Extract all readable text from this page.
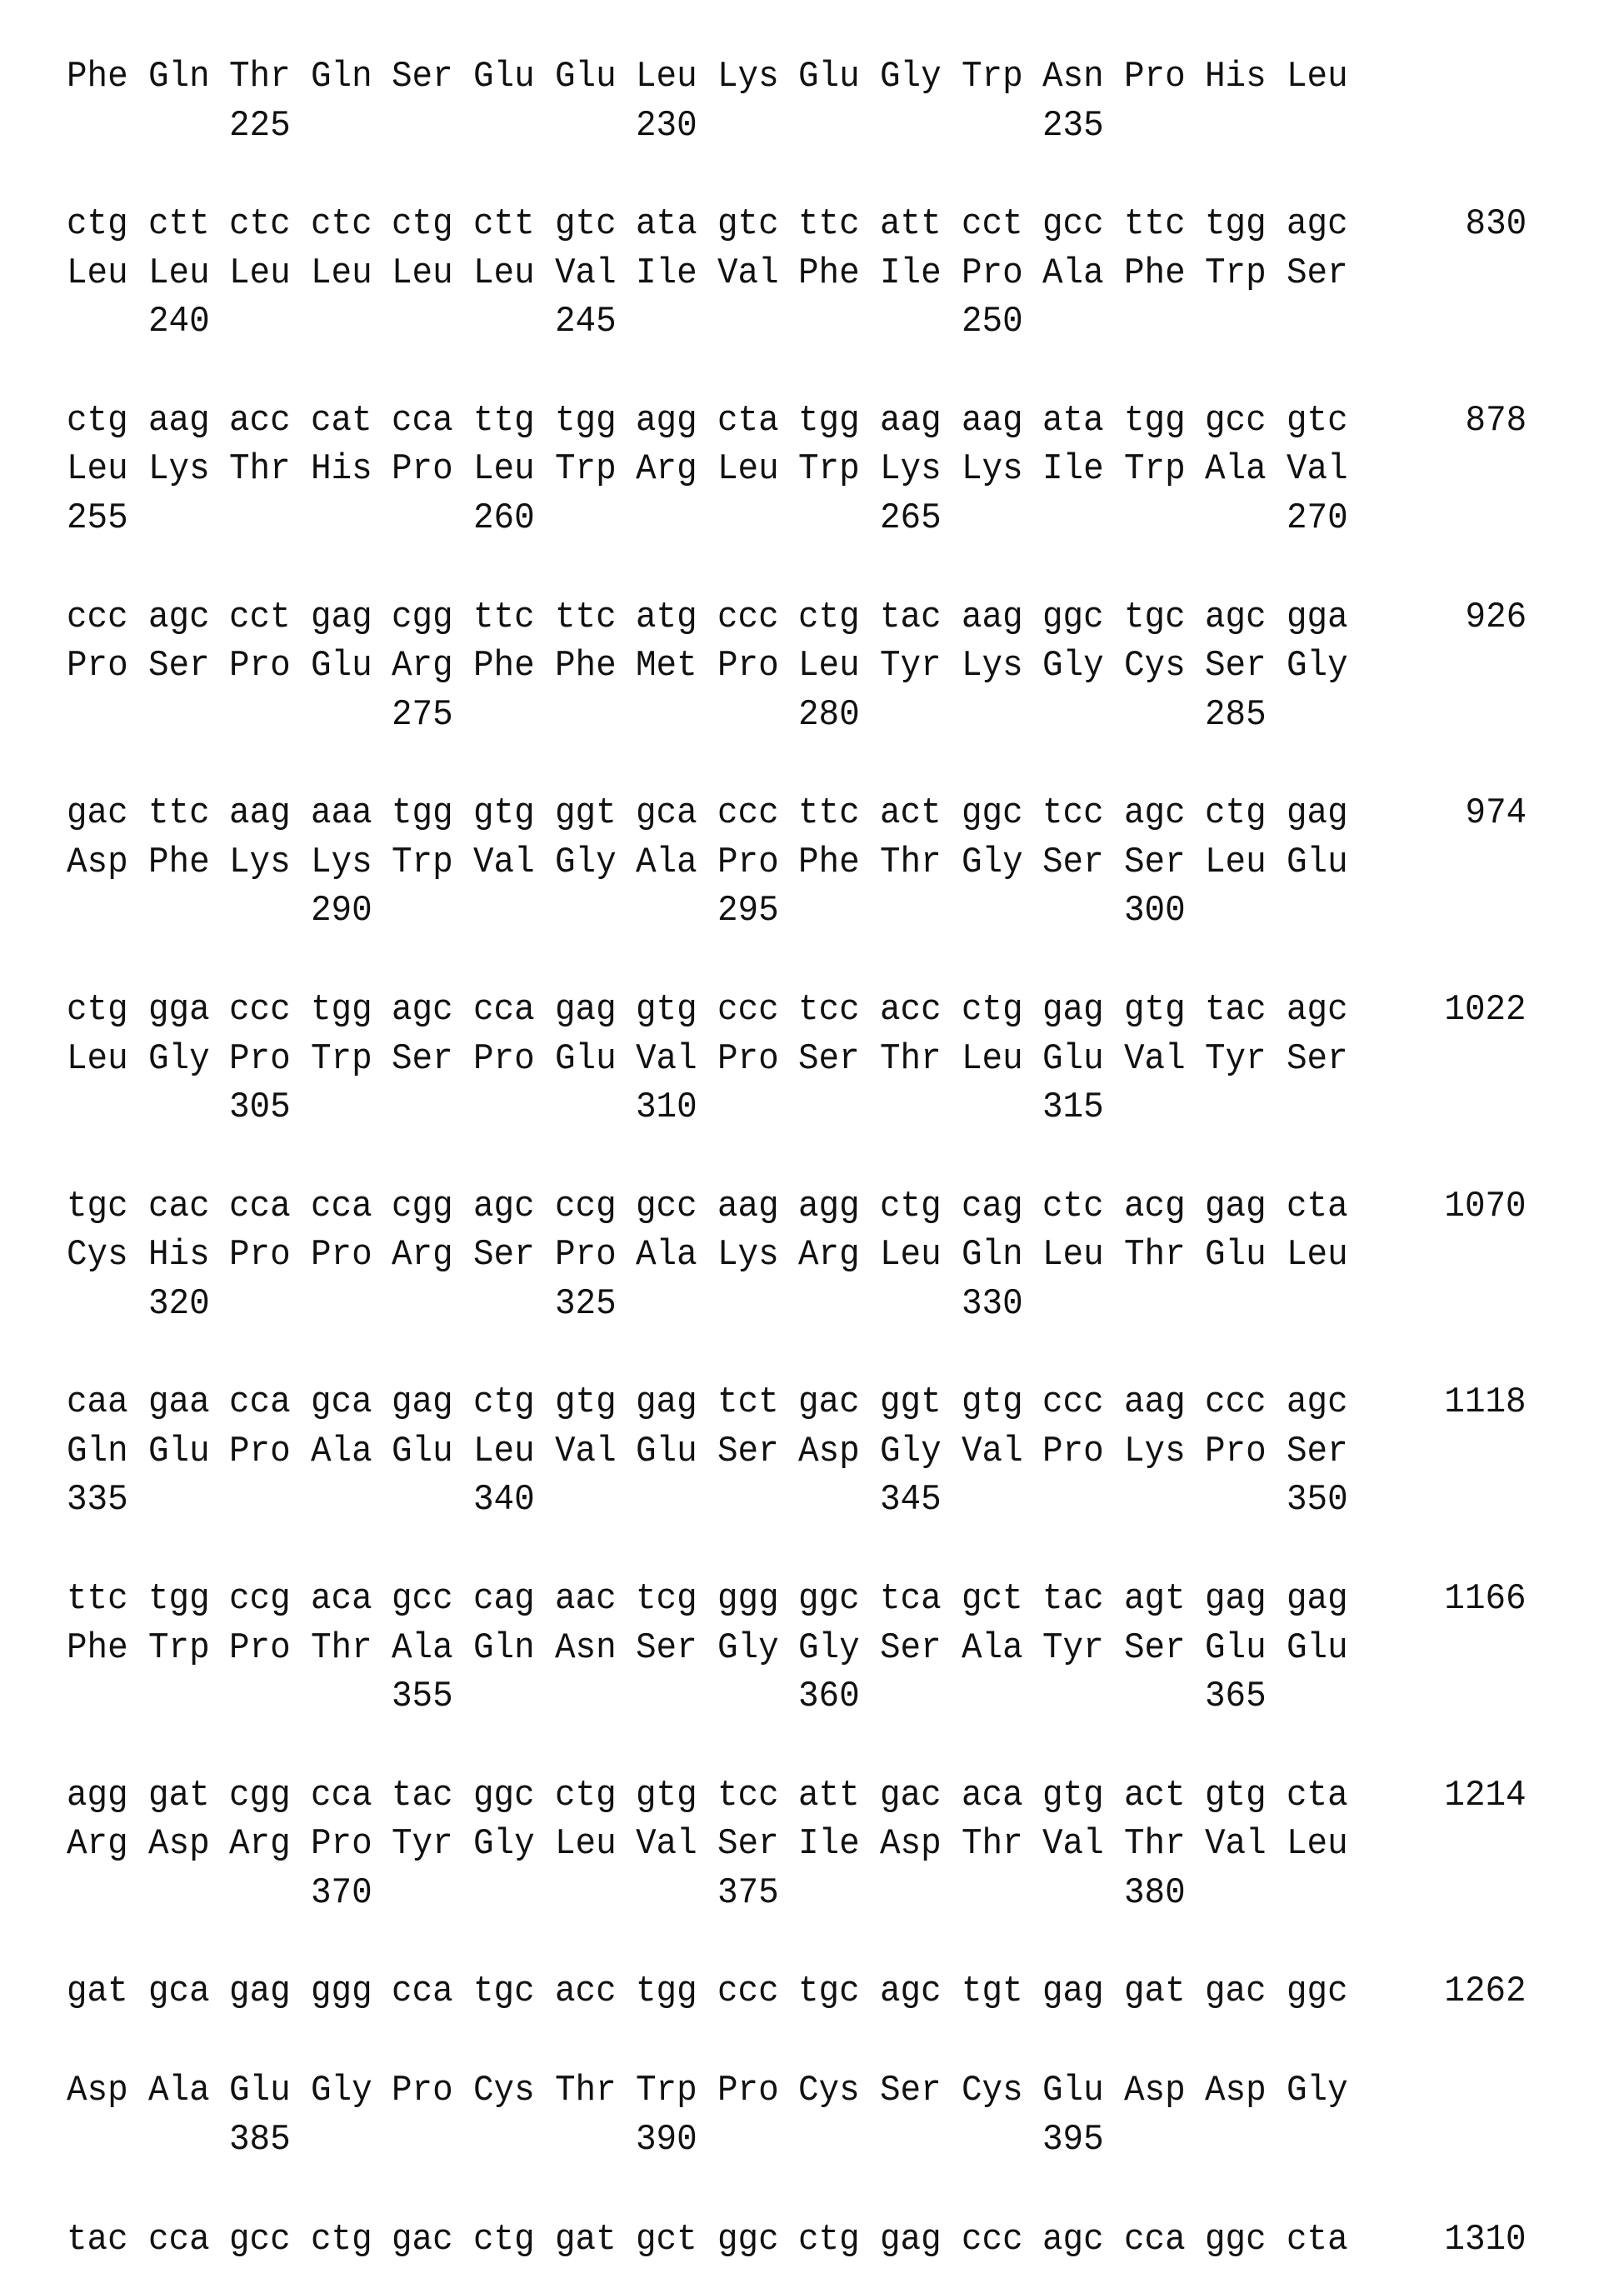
Phe Gln Thr Gln Ser Glu Glu Leu Lys Glu Gly Trp Asn Pro His Leu
225	230	235
ctg ctt ctc ctc ctg ctt gtc ata gtc ttc att cct gcc ttc tgg agc	830
Leu Leu Leu Leu Leu Leu Val Ile Val Phe Ile Pro Ala Phe Trp Ser
240	245	250
ctg aag acc cat cca ttg tgg agg cta tgg aag aag ata tgg gcc gtc	878
Leu Lys Thr His Pro Leu Trp Arg Leu Trp Lys Lys Ile Trp Ala Val
255	260	265	270
ccc agc cct gag cgg ttc ttc atg ccc ctg tac aag ggc tgc agc gga	926
Pro Ser Pro Glu Arg Phe Phe Met Pro Leu Tyr Lys Gly Cys Ser Gly
275	280	285
gac ttc aag aaa tgg gtg ggt gca ccc ttc act ggc tcc agc ctg gag	974
Asp Phe Lys Lys Trp Val Gly Ala Pro Phe Thr Gly Ser Ser Leu Glu
290	295	300
ctg gga ccc tgg agc cca gag gtg ccc tcc acc ctg gag gtg tac agc	1022
Leu Gly Pro Trp Ser Pro Glu Val Pro Ser Thr Leu Glu Val Tyr Ser
305	310	315
tgc cac cca cca cgg agc ccg gcc aag agg ctg cag ctc acg gag cta	1070
Cys His Pro Pro Arg Ser Pro Ala Lys Arg Leu Gln Leu Thr Glu Leu
320	325	330
caa gaa cca gca gag ctg gtg gag tct gac ggt gtg ccc aag ccc agc	1118
Gln Glu Pro Ala Glu Leu Val Glu Ser Asp Gly Val Pro Lys Pro Ser
335	340	345	350
ttc tgg ccg aca gcc cag aac tcg ggg ggc tca gct tac agt gag gag	1166
Phe Trp Pro Thr Ala Gln Asn Ser Gly Gly Ser Ala Tyr Ser Glu Glu
355	360	365
agg gat cgg cca tac ggc ctg gtg tcc att gac aca gtg act gtg cta	1214
Arg Asp Arg Pro Tyr Gly Leu Val Ser Ile Asp Thr Val Thr Val Leu
370	375	380
gat gca gag ggg cca tgc acc tgg ccc tgc agc tgt gag gat gac ggc	1262
Asp Ala Glu Gly Pro Cys Thr Trp Pro Cys Ser Cys Glu Asp Asp Gly
385	390	395
tac cca gcc ctg gac ctg gat gct ggc ctg gag ccc agc cca ggc cta	1310
